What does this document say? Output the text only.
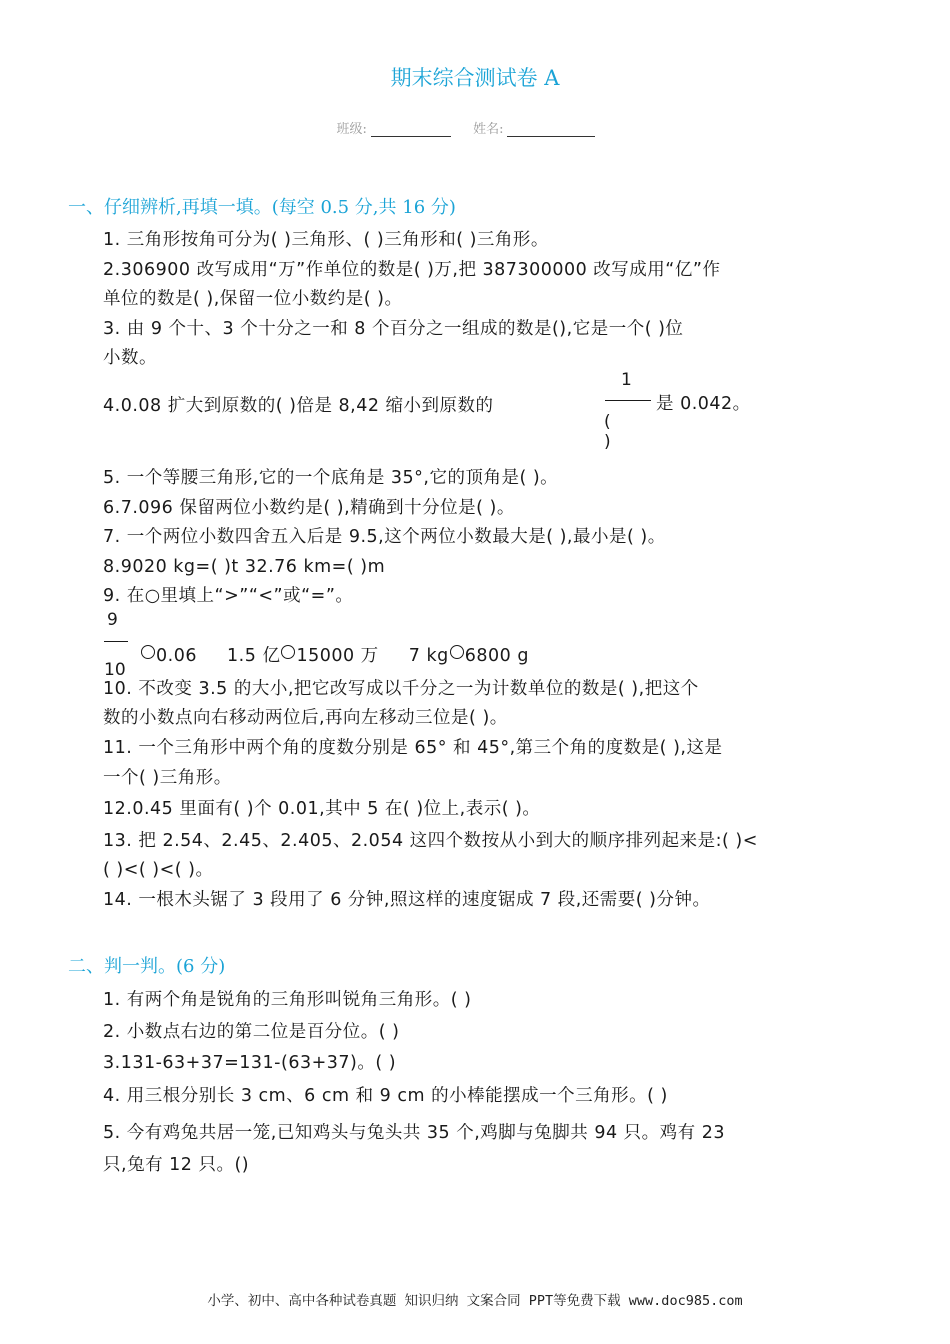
期末综合测试卷 A
班级:	姓名:
一、仔细辨析,再填一填。(每空 0.5 分,共 16 分)
1. 三角形按角可分为( )三角形、( )三角形和( )三角形。
2.306900 改写成用“万”作单位的数是( )万,把 387300000 改写成用“亿”作
单位的数是( ),保留一位小数约是( )。
3. 由 9 个十、3 个十分之一和 8 个百分之一组成的数是(),它是一个( )位
小数。
4.0.08 扩大到原数的( )倍是 8,42 缩小到原数的
1
(
)
是 0.042。
5. 一个等腰三角形,它的一个底角是 35°,它的顶角是( )。
6.7.096 保留两位小数约是( ),精确到十分位是( )。
7. 一个两位小数四舍五入后是 9.5,这个两位小数最大是( ),最小是( )。
8.9020 kg=( )t 32.76 km=( )m
9. 在○里填上“>”“<”或“=”。
9
10
0.06 1.5 亿 15000 万 7 kg 6800 g
10. 不改变 3.5 的大小,把它改写成以千分之一为计数单位的数是( ),把这个
数的小数点向右移动两位后,再向左移动三位是( )。
11. 一个三角形中两个角的度数分别是 65° 和 45°,第三个角的度数是( ),这是
一个( )三角形。
12.0.45 里面有( )个 0.01,其中 5 在( )位上,表示( )。
13. 把 2.54、2.45、2.405、2.054 这四个数按从小到大的顺序排列起来是:( )<
( )<( )<( )。
14. 一根木头锯了 3 段用了 6 分钟,照这样的速度锯成 7 段,还需要( )分钟。
二、判一判。(6 分)
1. 有两个角是锐角的三角形叫锐角三角形。( )
2. 小数点右边的第二位是百分位。( )
3.131-63+37=131-(63+37)。( )
4. 用三根分别长 3 cm、6 cm 和 9 cm 的小棒能摆成一个三角形。( )
5. 今有鸡兔共居一笼,已知鸡头与兔头共 35 个,鸡脚与兔脚共 94 只。鸡有 23
只,兔有 12 只。()
小学、初中、高中各种试卷真题 知识归纳 文案合同 PPT等免费下载 www.doc985.com
